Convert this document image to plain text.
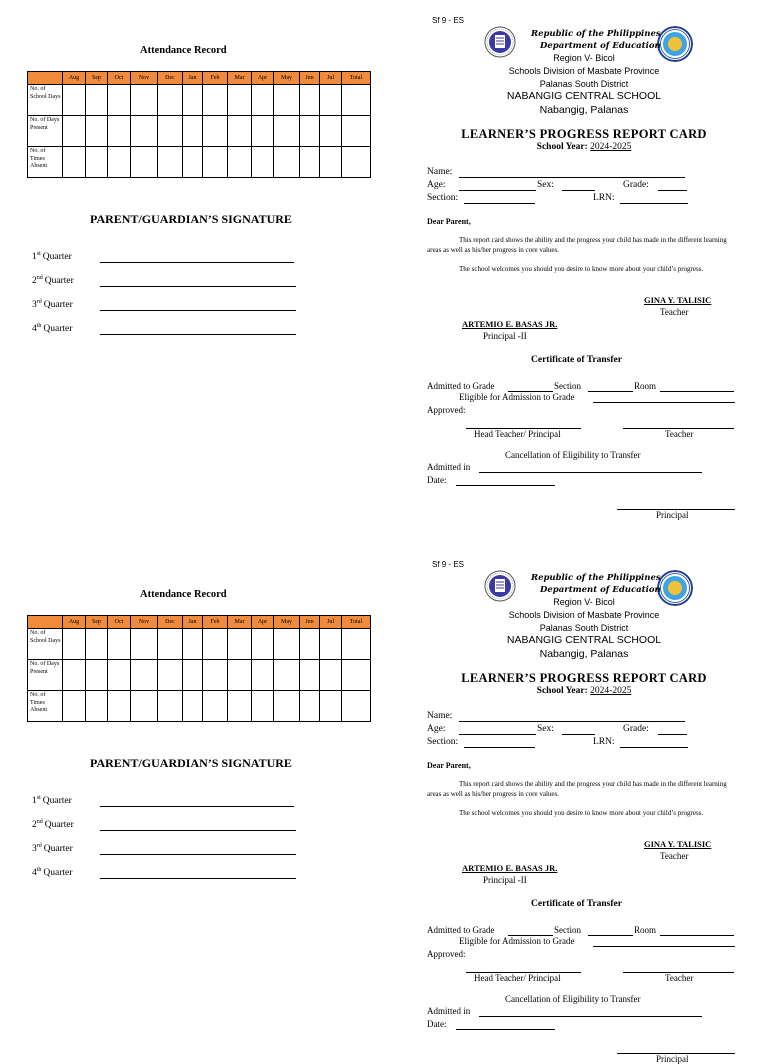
Attendance Record
	Aug	Sep	Oct	Nov	Dec	Jan	Feb	Mar	Apr	May	Jun	Jul	Total
No. of School Days													
No. of Days Present													
No. of Times Absent													
PARENT/GUARDIAN’S SIGNATURE
1st Quarter
2nd Quarter
3rd Quarter
4th Quarter
Sf 9 - ES
Republic of the Philippines
Department of Education
Region V- Bicol
Schools Division of Masbate Province
Palanas South District
NABANGIG CENTRAL SCHOOL
Nabangig, Palanas
LEARNER’S PROGRESS REPORT CARD
School Year: 2024-2025
Name:
Age:	Sex:	Grade:
Section:	LRN:
Dear Parent,
This report card shows the ability and the progress your child has made in the different learning areas as well as his/her progress in core values.
The school welcomes you should you desire to know more about your child’s progress.
GINA Y. TALISIC
Teacher
ARTEMIO E. BASAS JR.
Principal -II
Certificate of Transfer
Admitted to Grade	Section	Room
Eligible for Admission to Grade
Approved:
Head Teacher/ Principal	Teacher
Cancellation of Eligibility to Transfer
Admitted in
Date:
Principal
Attendance Record
	Aug	Sep	Oct	Nov	Dec	Jan	Feb	Mar	Apr	May	Jun	Jul	Total
No. of School Days													
No. of Days Present													
No. of Times Absent													
PARENT/GUARDIAN’S SIGNATURE
1st Quarter
2nd Quarter
3rd Quarter
4th Quarter
Sf 9 - ES
Republic of the Philippines
Department of Education
Region V- Bicol
Schools Division of Masbate Province
Palanas South District
NABANGIG CENTRAL SCHOOL
Nabangig, Palanas
LEARNER’S PROGRESS REPORT CARD
School Year: 2024-2025
Name:
Age:	Sex:	Grade:
Section:	LRN:
Dear Parent,
This report card shows the ability and the progress your child has made in the different learning areas as well as his/her progress in core values.
The school welcomes you should you desire to know more about your child’s progress.
GINA Y. TALISIC
Teacher
ARTEMIO E. BASAS JR.
Principal -II
Certificate of Transfer
Admitted to Grade	Section	Room
Eligible for Admission to Grade
Approved:
Head Teacher/ Principal	Teacher
Cancellation of Eligibility to Transfer
Admitted in
Date:
Principal
